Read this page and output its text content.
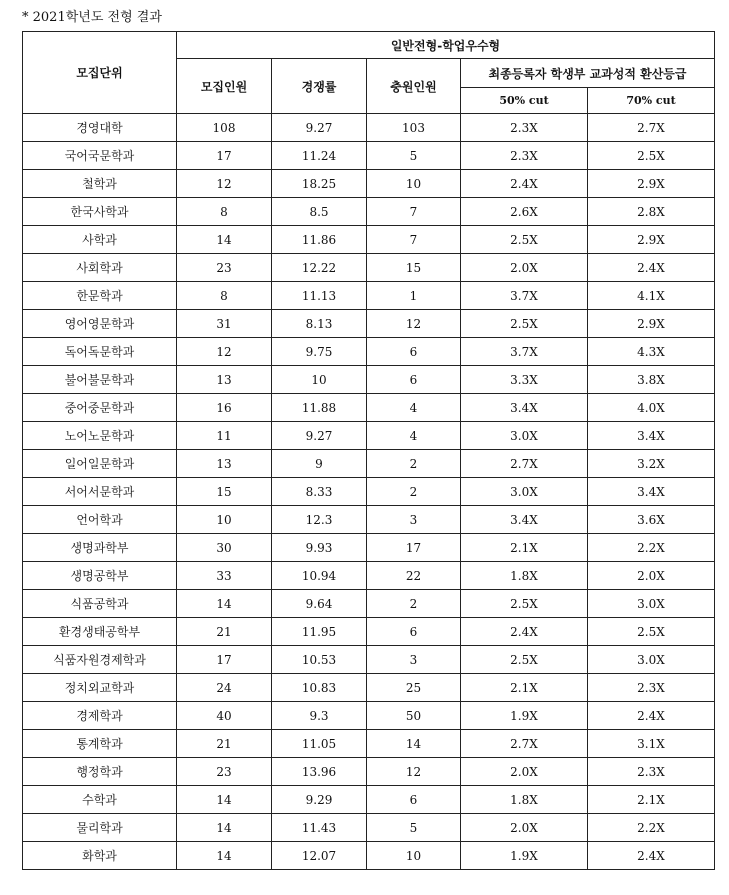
* 2021학년도 전형 결과
모집단위	일반전형-학업우수형				
	모집인원	경쟁률	충원인원	최종등록자 학생부 교과성적 환산등급	
				50% cut	70% cut
경영대학	108	9.27	103	2.3X	2.7X
국어국문학과	17	11.24	5	2.3X	2.5X
철학과	12	18.25	10	2.4X	2.9X
한국사학과	8	8.5	7	2.6X	2.8X
사학과	14	11.86	7	2.5X	2.9X
사회학과	23	12.22	15	2.0X	2.4X
한문학과	8	11.13	1	3.7X	4.1X
영어영문학과	31	8.13	12	2.5X	2.9X
독어독문학과	12	9.75	6	3.7X	4.3X
불어불문학과	13	10	6	3.3X	3.8X
중어중문학과	16	11.88	4	3.4X	4.0X
노어노문학과	11	9.27	4	3.0X	3.4X
일어일문학과	13	9	2	2.7X	3.2X
서어서문학과	15	8.33	2	3.0X	3.4X
언어학과	10	12.3	3	3.4X	3.6X
생명과학부	30	9.93	17	2.1X	2.2X
생명공학부	33	10.94	22	1.8X	2.0X
식품공학과	14	9.64	2	2.5X	3.0X
환경생태공학부	21	11.95	6	2.4X	2.5X
식품자원경제학과	17	10.53	3	2.5X	3.0X
정치외교학과	24	10.83	25	2.1X	2.3X
경제학과	40	9.3	50	1.9X	2.4X
통계학과	21	11.05	14	2.7X	3.1X
행정학과	23	13.96	12	2.0X	2.3X
수학과	14	9.29	6	1.8X	2.1X
물리학과	14	11.43	5	2.0X	2.2X
화학과	14	12.07	10	1.9X	2.4X
